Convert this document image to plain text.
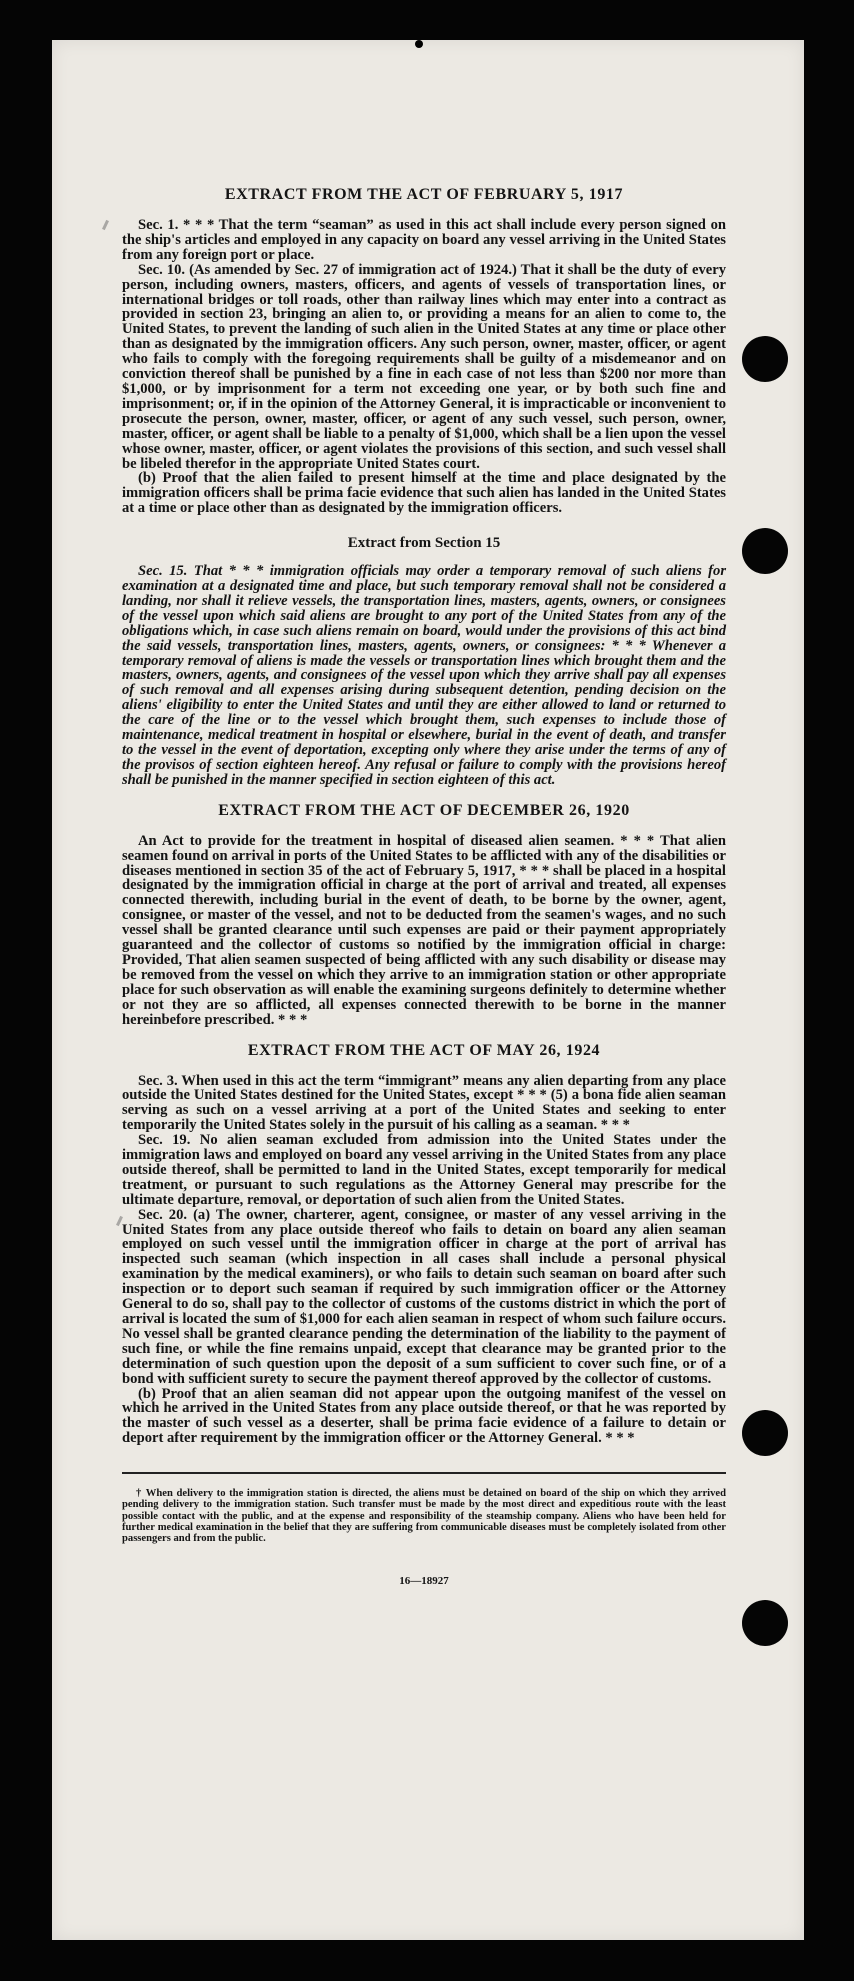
EXTRACT FROM THE ACT OF FEBRUARY 5, 1917

Sec. 1. * * * That the term “seaman” as used in this act shall include every person signed on the ship's articles and employed in any capacity on board any vessel arriving in the United States from any foreign port or place.

Sec. 10. (As amended by Sec. 27 of immigration act of 1924.) That it shall be the duty of every person, including owners, masters, officers, and agents of vessels of transportation lines, or international bridges or toll roads, other than railway lines which may enter into a contract as provided in section 23, bringing an alien to, or providing a means for an alien to come to, the United States, to prevent the landing of such alien in the United States at any time or place other than as designated by the immigration officers. Any such person, owner, master, officer, or agent who fails to comply with the foregoing requirements shall be guilty of a misdemeanor and on conviction thereof shall be punished by a fine in each case of not less than $200 nor more than $1,000, or by imprisonment for a term not exceeding one year, or by both such fine and imprisonment; or, if in the opinion of the Attorney General, it is impracticable or inconvenient to prosecute the person, owner, master, officer, or agent of any such vessel, such person, owner, master, officer, or agent shall be liable to a penalty of $1,000, which shall be a lien upon the vessel whose owner, master, officer, or agent violates the provisions of this section, and such vessel shall be libeled therefor in the appropriate United States court.

(b) Proof that the alien failed to present himself at the time and place designated by the immigration officers shall be prima facie evidence that such alien has landed in the United States at a time or place other than as designated by the immigration officers.

Extract from Section 15

Sec. 15. That * * * immigration officials may order a temporary removal of such aliens for examination at a designated time and place, but such temporary removal shall not be considered a landing, nor shall it relieve vessels, the transportation lines, masters, agents, owners, or consignees of the vessel upon which said aliens are brought to any port of the United States from any of the obligations which, in case such aliens remain on board, would under the provisions of this act bind the said vessels, transportation lines, masters, agents, owners, or consignees: * * * Whenever a temporary removal of aliens is made the vessels or transportation lines which brought them and the masters, owners, agents, and consignees of the vessel upon which they arrive shall pay all expenses of such removal and all expenses arising during subsequent detention, pending decision on the aliens' eligibility to enter the United States and until they are either allowed to land or returned to the care of the line or to the vessel which brought them, such expenses to include those of maintenance, medical treatment in hospital or elsewhere, burial in the event of death, and transfer to the vessel in the event of deportation, excepting only where they arise under the terms of any of the provisos of section eighteen hereof. Any refusal or failure to comply with the provisions hereof shall be punished in the manner specified in section eighteen of this act.

EXTRACT FROM THE ACT OF DECEMBER 26, 1920

An Act to provide for the treatment in hospital of diseased alien seamen. * * * That alien seamen found on arrival in ports of the United States to be afflicted with any of the disabilities or diseases mentioned in section 35 of the act of February 5, 1917, * * * shall be placed in a hospital designated by the immigration official in charge at the port of arrival and treated, all expenses connected therewith, including burial in the event of death, to be borne by the owner, agent, consignee, or master of the vessel, and not to be deducted from the seamen's wages, and no such vessel shall be granted clearance until such expenses are paid or their payment appropriately guaranteed and the collector of customs so notified by the immigration official in charge: Provided, That alien seamen suspected of being afflicted with any such disability or disease may be removed from the vessel on which they arrive to an immigration station or other appropriate place for such observation as will enable the examining surgeons definitely to determine whether or not they are so afflicted, all expenses connected therewith to be borne in the manner hereinbefore prescribed. * * *

EXTRACT FROM THE ACT OF MAY 26, 1924

Sec. 3. When used in this act the term “immigrant” means any alien departing from any place outside the United States destined for the United States, except * * * (5) a bona fide alien seaman serving as such on a vessel arriving at a port of the United States and seeking to enter temporarily the United States solely in the pursuit of his calling as a seaman. * * *

Sec. 19. No alien seaman excluded from admission into the United States under the immigration laws and employed on board any vessel arriving in the United States from any place outside thereof, shall be permitted to land in the United States, except temporarily for medical treatment, or pursuant to such regulations as the Attorney General may prescribe for the ultimate departure, removal, or deportation of such alien from the United States.

Sec. 20. (a) The owner, charterer, agent, consignee, or master of any vessel arriving in the United States from any place outside thereof who fails to detain on board any alien seaman employed on such vessel until the immigration officer in charge at the port of arrival has inspected such seaman (which inspection in all cases shall include a personal physical examination by the medical examiners), or who fails to detain such seaman on board after such inspection or to deport such seaman if required by such immigration officer or the Attorney General to do so, shall pay to the collector of customs of the customs district in which the port of arrival is located the sum of $1,000 for each alien seaman in respect of whom such failure occurs. No vessel shall be granted clearance pending the determination of the liability to the payment of such fine, or while the fine remains unpaid, except that clearance may be granted prior to the determination of such question upon the deposit of a sum sufficient to cover such fine, or of a bond with sufficient surety to secure the payment thereof approved by the collector of customs.

(b) Proof that an alien seaman did not appear upon the outgoing manifest of the vessel on which he arrived in the United States from any place outside thereof, or that he was reported by the master of such vessel as a deserter, shall be prima facie evidence of a failure to detain or deport after requirement by the immigration officer or the Attorney General. * * *

† When delivery to the immigration station is directed, the aliens must be detained on board of the ship on which they arrived pending delivery to the immigration station. Such transfer must be made by the most direct and expeditious route with the least possible contact with the public, and at the expense and responsibility of the steamship company. Aliens who have been held for further medical examination in the belief that they are suffering from communicable diseases must be completely isolated from other passengers and from the public.

16—18927
